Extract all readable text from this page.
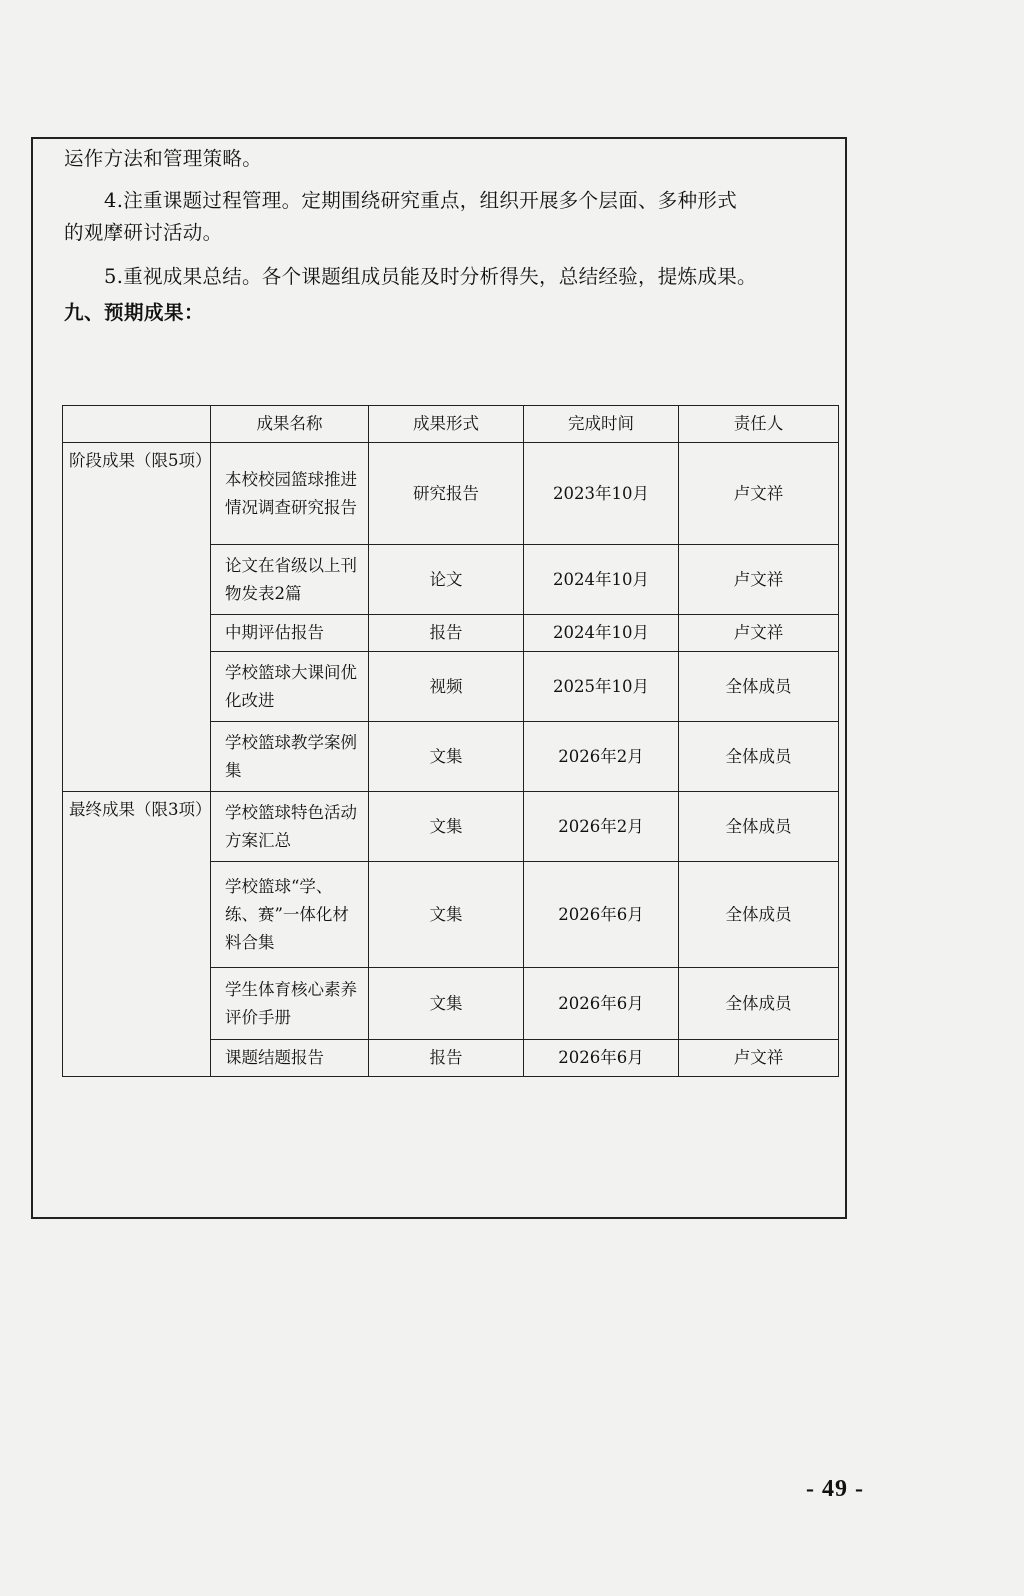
运作方法和管理策略。
4.注重课题过程管理。定期围绕研究重点，组织开展多个层面、多种形式
的观摩研讨活动。
5.重视成果总结。各个课题组成员能及时分析得失，总结经验，提炼成果。
九、预期成果：
	成果名称	成果形式	完成时间	责任人
阶段成果（限5项）	本校校园篮球推进情况调查研究报告	研究报告	2023年10月	卢文祥
	论文在省级以上刊物发表2篇	论文	2024年10月	卢文祥
	中期评估报告	报告	2024年10月	卢文祥
	学校篮球大课间优化改进	视频	2025年10月	全体成员
	学校篮球教学案例集	文集	2026年2月	全体成员
最终成果（限3项）	学校篮球特色活动方案汇总	文集	2026年2月	全体成员
	学校篮球“学、练、赛”一体化材料合集	文集	2026年6月	全体成员
	学生体育核心素养评价手册	文集	2026年6月	全体成员
	课题结题报告	报告	2026年6月	卢文祥
- 49 -
